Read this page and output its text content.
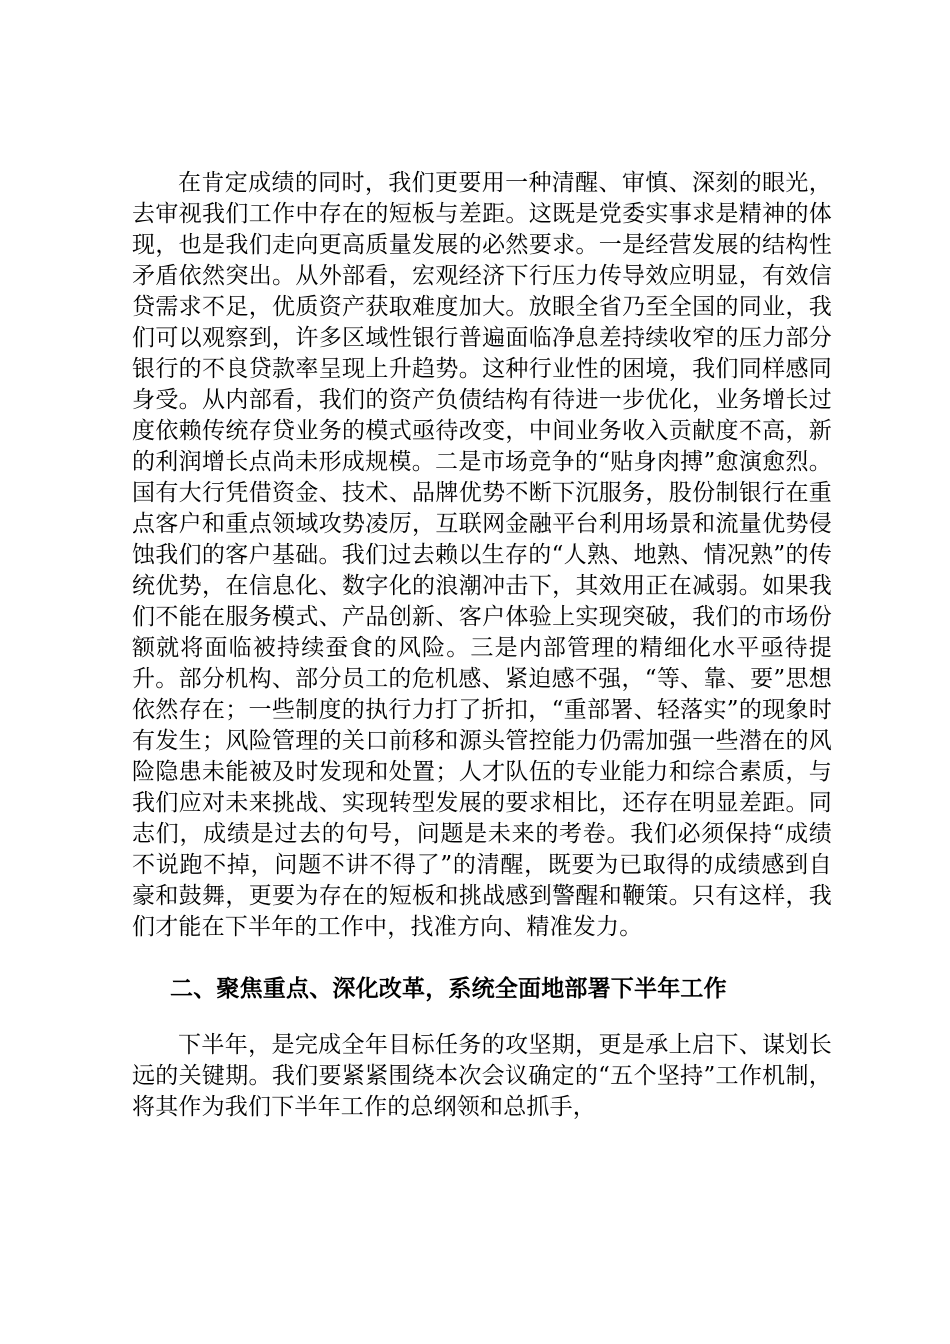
在肯定成绩的同时，我们更要用一种清醒、审慎、深刻的眼光，去审视我们工作中存在的短板与差距。这既是党委实事求是精神的体现，也是我们走向更高质量发展的必然要求。一是经营发展的结构性矛盾依然突出。从外部看，宏观经济下行压力传导效应明显，有效信贷需求不足，优质资产获取难度加大。放眼全省乃至全国的同业，我们可以观察到，许多区域性银行普遍面临净息差持续收窄的压力部分银行的不良贷款率呈现上升趋势。这种行业性的困境，我们同样感同身受。从内部看，我们的资产负债结构有待进一步优化，业务增长过度依赖传统存贷业务的模式亟待改变，中间业务收入贡献度不高，新的利润增长点尚未形成规模。二是市场竞争的“贴身肉搏”愈演愈烈。国有大行凭借资金、技术、品牌优势不断下沉服务，股份制银行在重点客户和重点领域攻势凌厉，互联网金融平台利用场景和流量优势侵蚀我们的客户基础。我们过去赖以生存的“人熟、地熟、情况熟”的传统优势，在信息化、数字化的浪潮冲击下，其效用正在减弱。如果我们不能在服务模式、产品创新、客户体验上实现突破，我们的市场份额就将面临被持续蚕食的风险。三是内部管理的精细化水平亟待提升。部分机构、部分员工的危机感、紧迫感不强，“等、靠、要”思想依然存在；一些制度的执行力打了折扣，“重部署、轻落实”的现象时有发生；风险管理的关口前移和源头管控能力仍需加强一些潜在的风险隐患未能被及时发现和处置；人才队伍的专业能力和综合素质，与我们应对未来挑战、实现转型发展的要求相比，还存在明显差距。同志们，成绩是过去的句号，问题是未来的考卷。我们必须保持“成绩不说跑不掉，问题不讲不得了”的清醒，既要为已取得的成绩感到自豪和鼓舞，更要为存在的短板和挑战感到警醒和鞭策。只有这样，我们才能在下半年的工作中，找准方向、精准发力。

二、聚焦重点、深化改革，系统全面地部署下半年工作

下半年，是完成全年目标任务的攻坚期，更是承上启下、谋划长远的关键期。我们要紧紧围绕本次会议确定的“五个坚持”工作机制，将其作为我们下半年工作的总纲领和总抓手，
